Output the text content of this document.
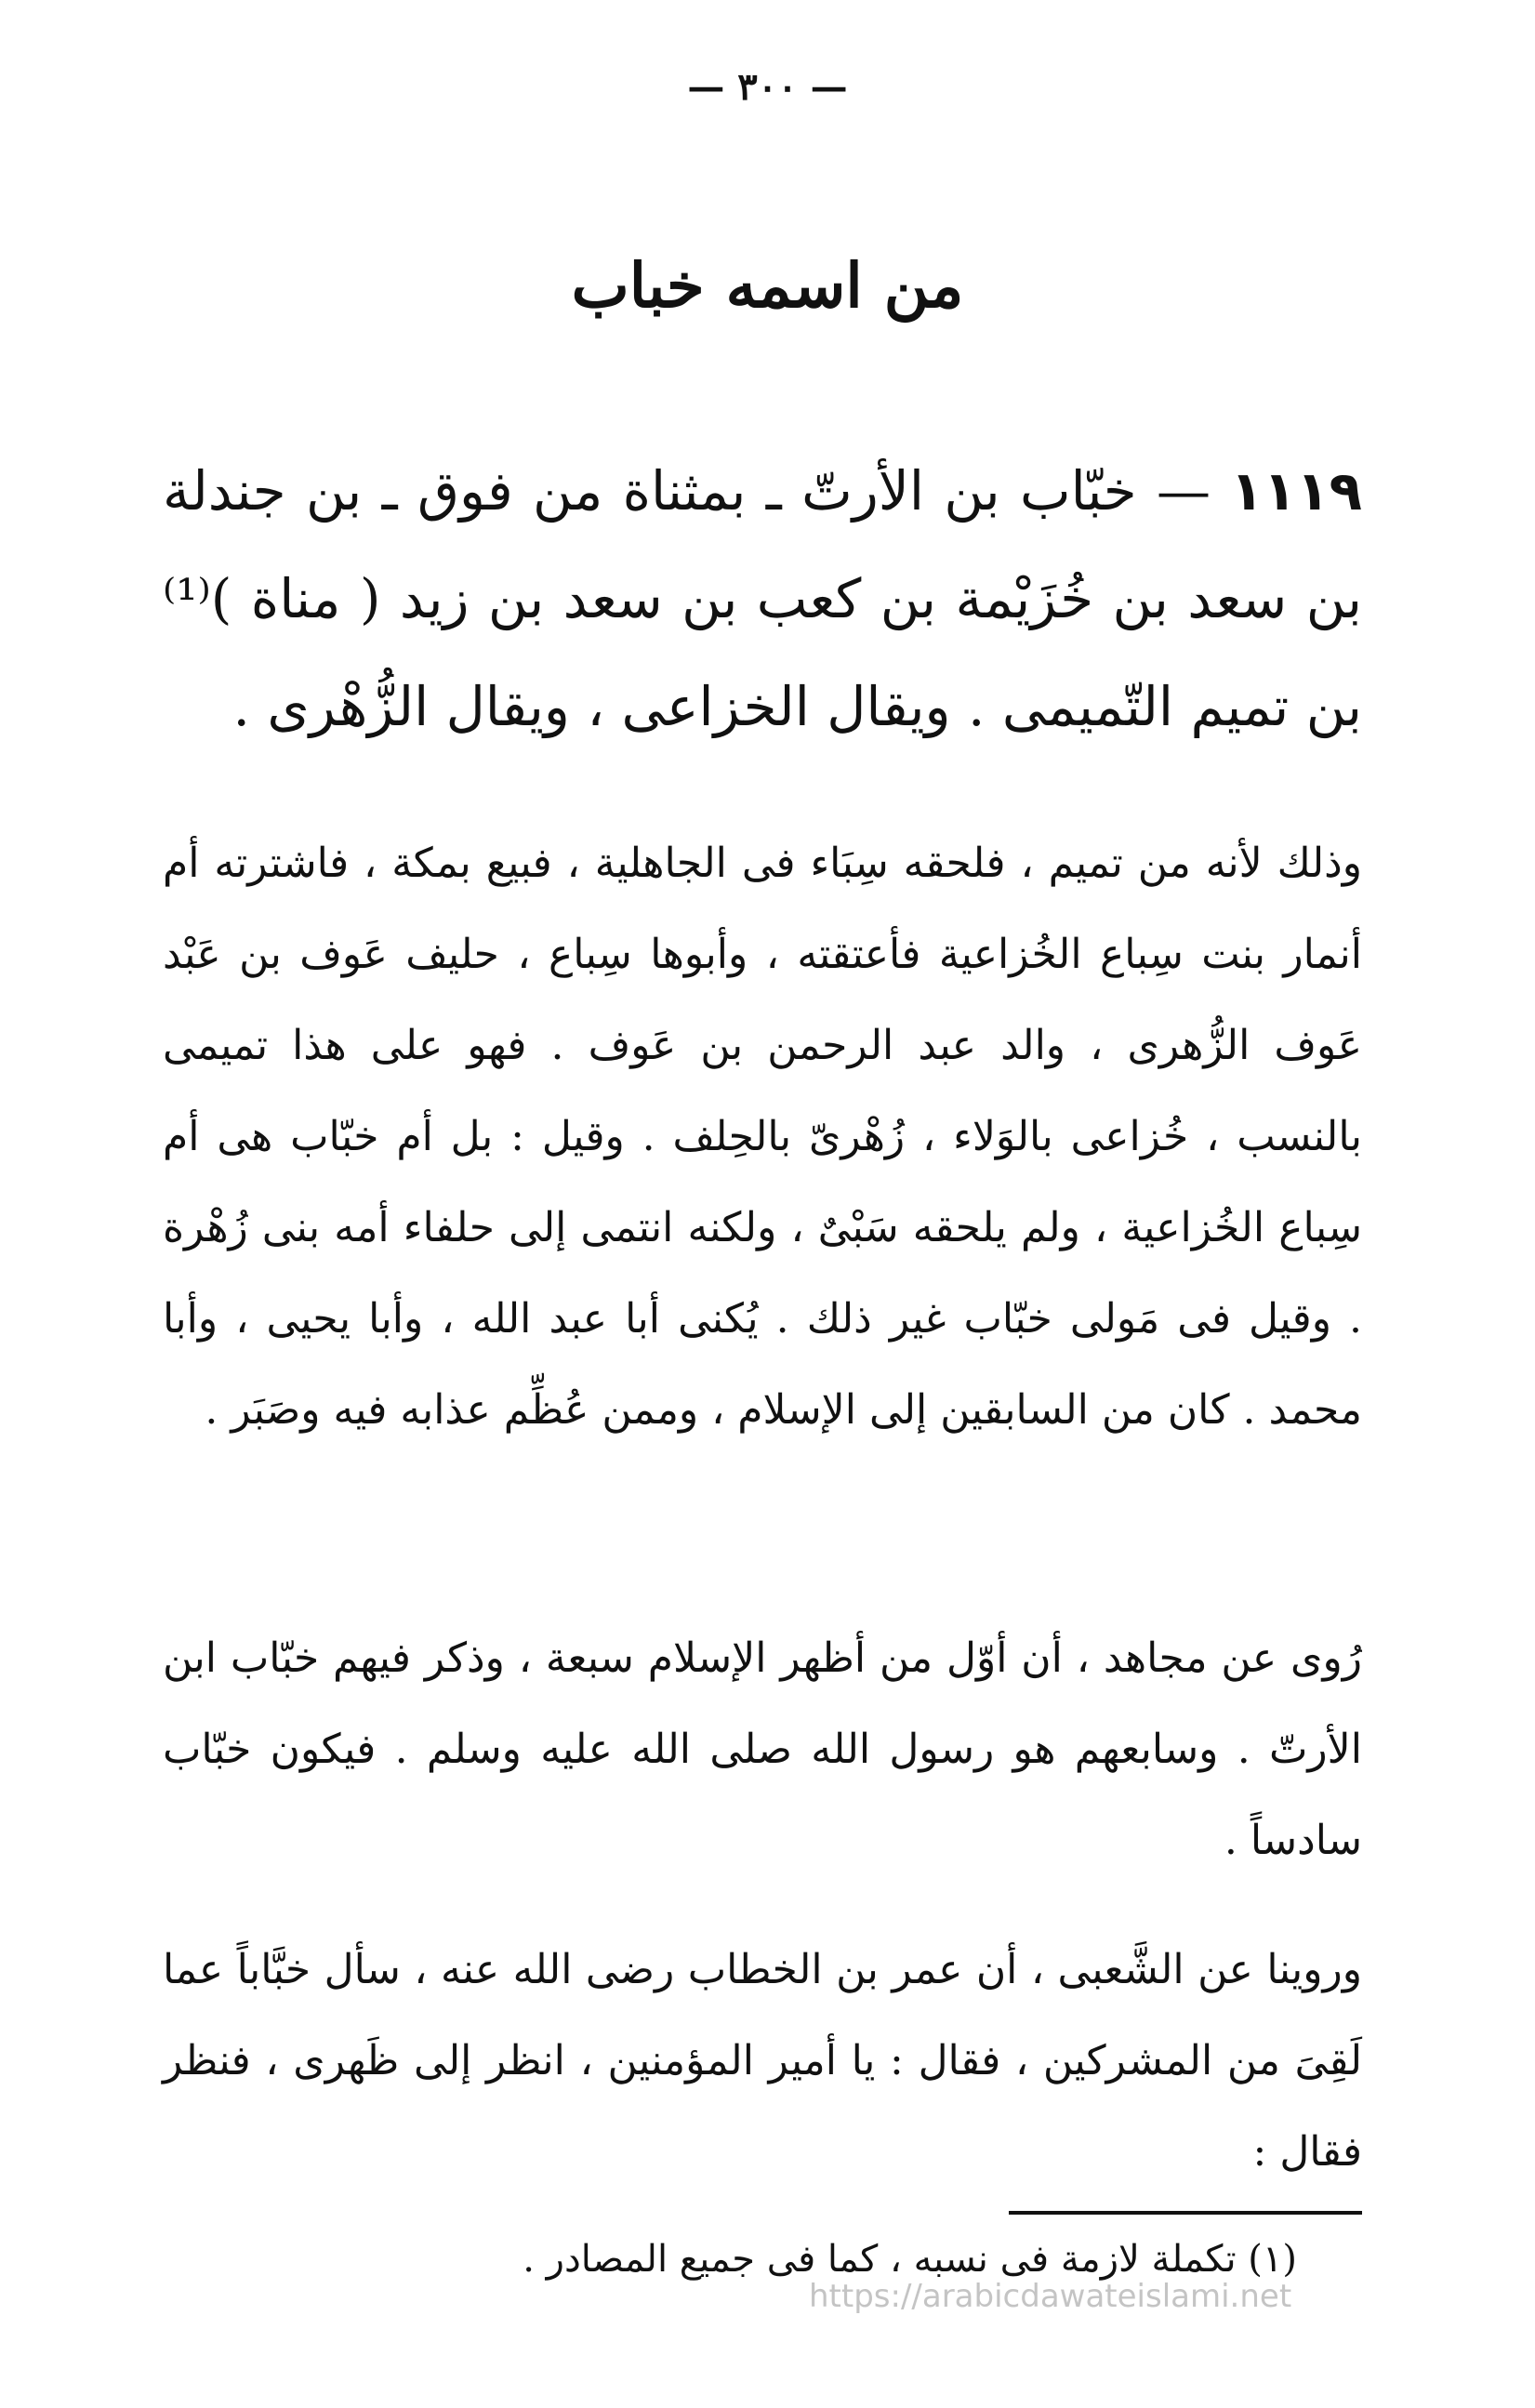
— ٣٠٠ —
من اسمه خباب
١١١٩ — خبّاب بن الأرتّ ـ بمثناة من فوق ـ بن جندلة بن سعد بن خُزَيْمة بن كعب بن سعد بن زيد ( مناة )⁽¹⁾ بن تميم التّميمى . ويقال الخزاعى ، ويقال الزُّهْرى .
وذلك لأنه من تميم ، فلحقه سِبَاء فى الجاهلية ، فبيع بمكة ، فاشترته أم أنمار بنت سِباع الخُزاعية فأعتقته ، وأبوها سِباع ، حليف عَوف بن عَبْد عَوف الزُّهرى ، والد عبد الرحمن بن عَوف . فهو على هذا تميمى بالنسب ، خُزاعى بالوَلاء ، زُهْرىّ بالحِلف . وقيل : بل أم خبّاب هى أم سِباع الخُزاعية ، ولم يلحقه سَبْىٌ ، ولكنه انتمى إلى حلفاء أمه بنى زُهْرة . وقيل فى مَولى خبّاب غير ذلك . يُكنى أبا عبد الله ، وأبا يحيى ، وأبا محمد . كان من السابقين إلى الإسلام ، وممن عُظِّم عذابه فيه وصَبَر .
رُوى عن مجاهد ، أن أوّل من أظهر الإسلام سبعة ، وذكر فيهم خبّاب ابن الأرتّ . وسابعهم هو رسول الله صلى الله عليه وسلم . فيكون خبّاب سادساً .
وروينا عن الشَّعبى ، أن عمر بن الخطاب رضى الله عنه ، سأل خبَّاباً عما لَقِىَ من المشركين ، فقال : يا أمير المؤمنين ، انظر إلى ظَهرى ، فنظر فقال :
(١) تكملة لازمة فى نسبه ، كما فى جميع المصادر .
https://arabicdawateislami.net
